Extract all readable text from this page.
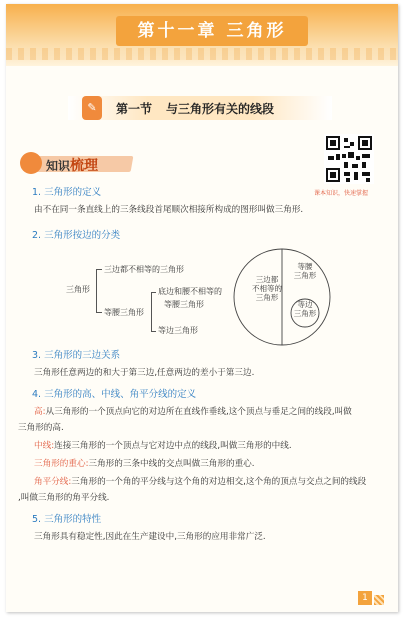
第十一章 三角形
✎	第一节 与三角形有关的线段
课本知识，快速掌握
知识梳理
1. 三角形的定义
由不在同一条直线上的三条线段首尾顺次相接所构成的图形叫做三角形.
2. 三角形按边的分类
三角形
三边都不相等的三角形
等腰三角形
底边和腰不相等的
等腰三角形
等边三角形
三边都
不相等的
三角形
等腰
三角形
等边
三角形
3. 三角形的三边关系
三角形任意两边的和大于第三边,任意两边的差小于第三边.
4. 三角形的高、中线、角平分线的定义
高:从三角形的一个顶点向它的对边所在直线作垂线,这个顶点与垂足之间的线段,叫做
三角形的高.
中线:连接三角形的一个顶点与它对边中点的线段,叫做三角形的中线.
三角形的重心:三角形的三条中线的交点叫做三角形的重心.
角平分线:三角形的一个角的平分线与这个角的对边相交,这个角的顶点与交点之间的线段
,叫做三角形的角平分线.
5. 三角形的特性
三角形具有稳定性,因此在生产建设中,三角形的应用非常广泛.
1
